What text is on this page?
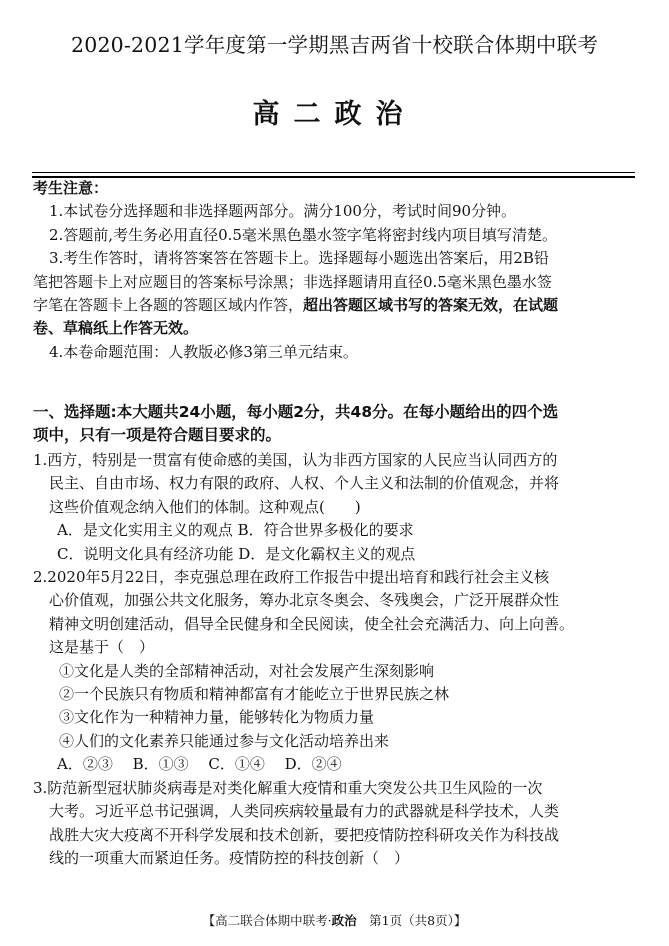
2020-2021学年度第一学期黑吉两省十校联合体期中联考
高二政治
考生注意：
1.本试卷分选择题和非选择题两部分。满分100分，考试时间90分钟。
2.答题前,考生务必用直径0.5毫米黑色墨水签字笔将密封线内项目填写清楚。
3.考生作答时，请将答案答在答题卡上。选择题每小题选出答案后，用2B铅
笔把答题卡上对应题目的答案标号涂黑；非选择题请用直径0.5毫米黑色墨水签
字笔在答题卡上各题的答题区域内作答，超出答题区域书写的答案无效，在试题
卷、草稿纸上作答无效。
4.本卷命题范围：人教版必修3第三单元结束。
一、选择题:本大题共24小题，每小题2分，共48分。在每小题给出的四个选
项中，只有一项是符合题目要求的。
1.西方，特别是一贯富有使命感的美国，认为非西方国家的人民应当认同西方的
民主、自由市场、权力有限的政府、人权、个人主义和法制的价值观念，并将
这些价值观念纳入他们的体制。这种观点(　　)
A．是文化实用主义的观点 B．符合世界多极化的要求
C．说明文化具有经济功能 D．是文化霸权主义的观点
2.2020年5月22日，李克强总理在政府工作报告中提出培育和践行社会主义核
心价值观，加强公共文化服务，筹办北京冬奥会、冬残奥会，广泛开展群众性
精神文明创建活动，倡导全民健身和全民阅读，使全社会充满活力、向上向善。
这是基于（　）
①文化是人类的全部精神活动，对社会发展产生深刻影响
②一个民族只有物质和精神都富有才能屹立于世界民族之林
③文化作为一种精神力量，能够转化为物质力量
④人们的文化素养只能通过参与文化活动培养出来
A．②③　 B．①③　 C．①④　 D．②④
3.防范新型冠状肺炎病毒是对类化解重大疫情和重大突发公共卫生风险的一次
大考。习近平总书记强调，人类同疾病较量最有力的武器就是科学技术，人类
战胜大灾大疫离不开科学发展和技术创新，要把疫情防控科研攻关作为科技战
线的一项重大而紧迫任务。疫情防控的科技创新（　）
【高二联合体期中联考·政治　第1页（共8页）】
